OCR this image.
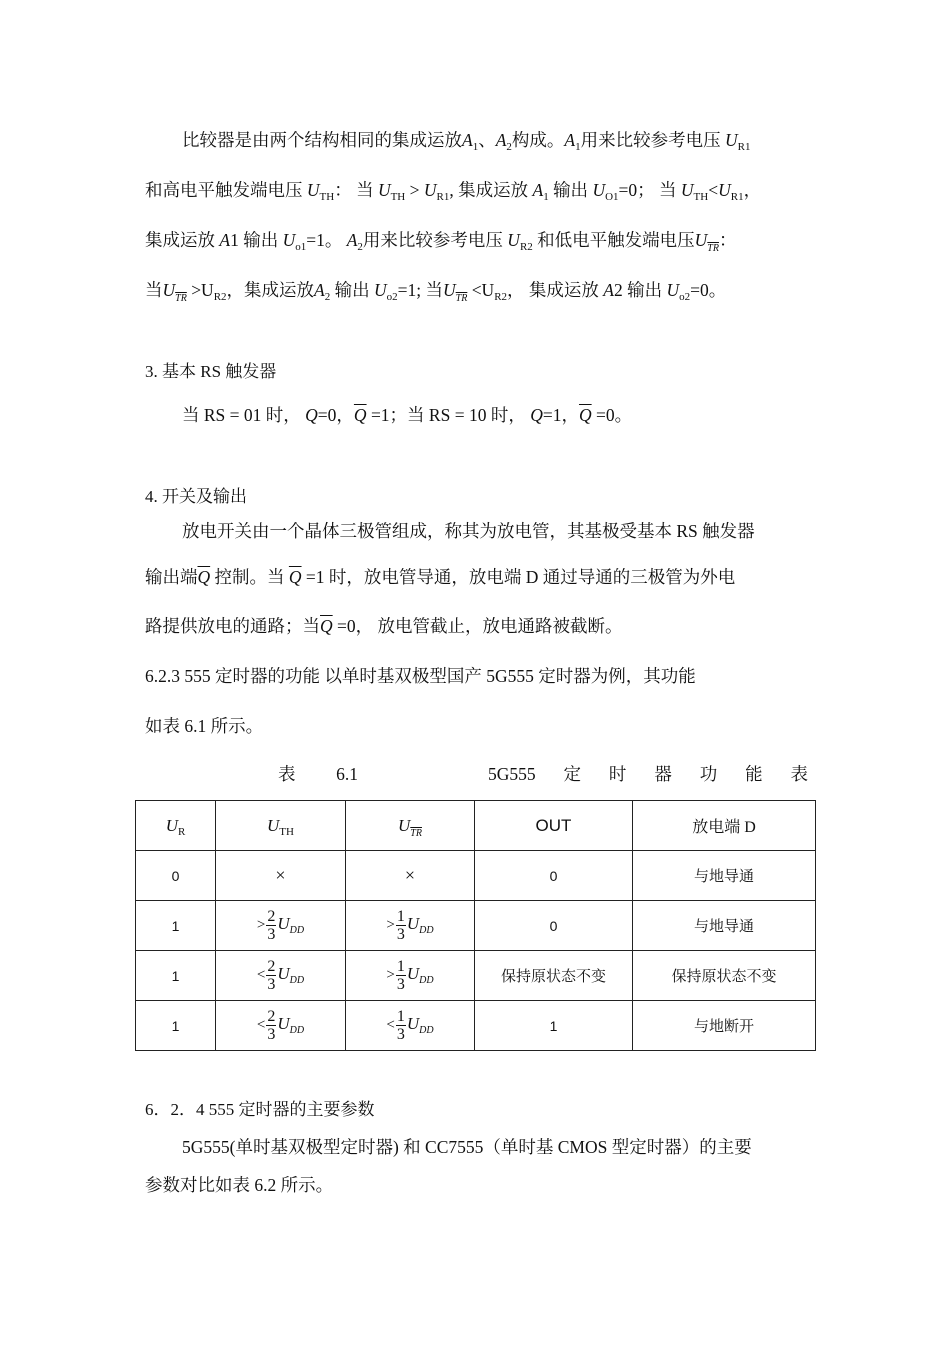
比较器是由两个结构相同的集成运放$A_1$、$A_2$构成。$A_1$用来比较参考电压 $U_{R1}$
和高电平触发端电压 $U_{TH}$： 当 $U_{TH} > U_{R1}$, 集成运放 $A_1$ 输出 $U_{O1}=0$； 当 $U_{TH}<U_{R1}$，
集成运放 A1 输出 $U_{o1}=1$。 $A_2$用来比较参考电压 $U_{R2}$ 和低电平触发端电压$U_{\overline{TR}}$：
当$U_{\overline{TR}} >U_{R2}$，集成运放$A_2$ 输出 $U_{o2}=1$; 当$U_{\overline{TR}} <U_{R2}$， 集成运放 A2 输出 $U_{o2}=0$。
3. 基本 RS 触发器
当 RS = 01 时， Q=0，$\overline{Q} =1$；当 RS = 10 时， Q=1，$\overline{Q} =0$。
4. 开关及输出
放电开关由一个晶体三极管组成，称其为放电管，其基极受基本 RS 触发器
输出端$\overline{Q}$ 控制。当 $\overline{Q} =1$ 时，放电管导通，放电端 D 通过导通的三极管为外电
路提供放电的通路；当$\overline{Q} =0$， 放电管截止，放电通路被截断。
6.2.3 555 定时器的功能 以单时基双极型国产 5G555 定时器为例，其功能
如表 6.1 所示。
表 6.1	5G555 定 时 器 功 能 表
$U_R$	$U_{TH}$	$U_{\overline{TR}}$	OUT	放电端 D
0	×	×	0	与地导通
1	> $\frac{2}{3} U_{DD}$	> $\frac{1}{3} U_{DD}$	0	与地导通
1	< $\frac{2}{3} U_{DD}$	> $\frac{1}{3} U_{DD}$	保持原状态不变	保持原状态不变
1	< $\frac{2}{3} U_{DD}$	< $\frac{1}{3} U_{DD}$	1	与地断开
6．2．4 555 定时器的主要参数
5G555(单时基双极型定时器) 和 CC7555（单时基 CMOS 型定时器）的主要
参数对比如表 6.2 所示。
